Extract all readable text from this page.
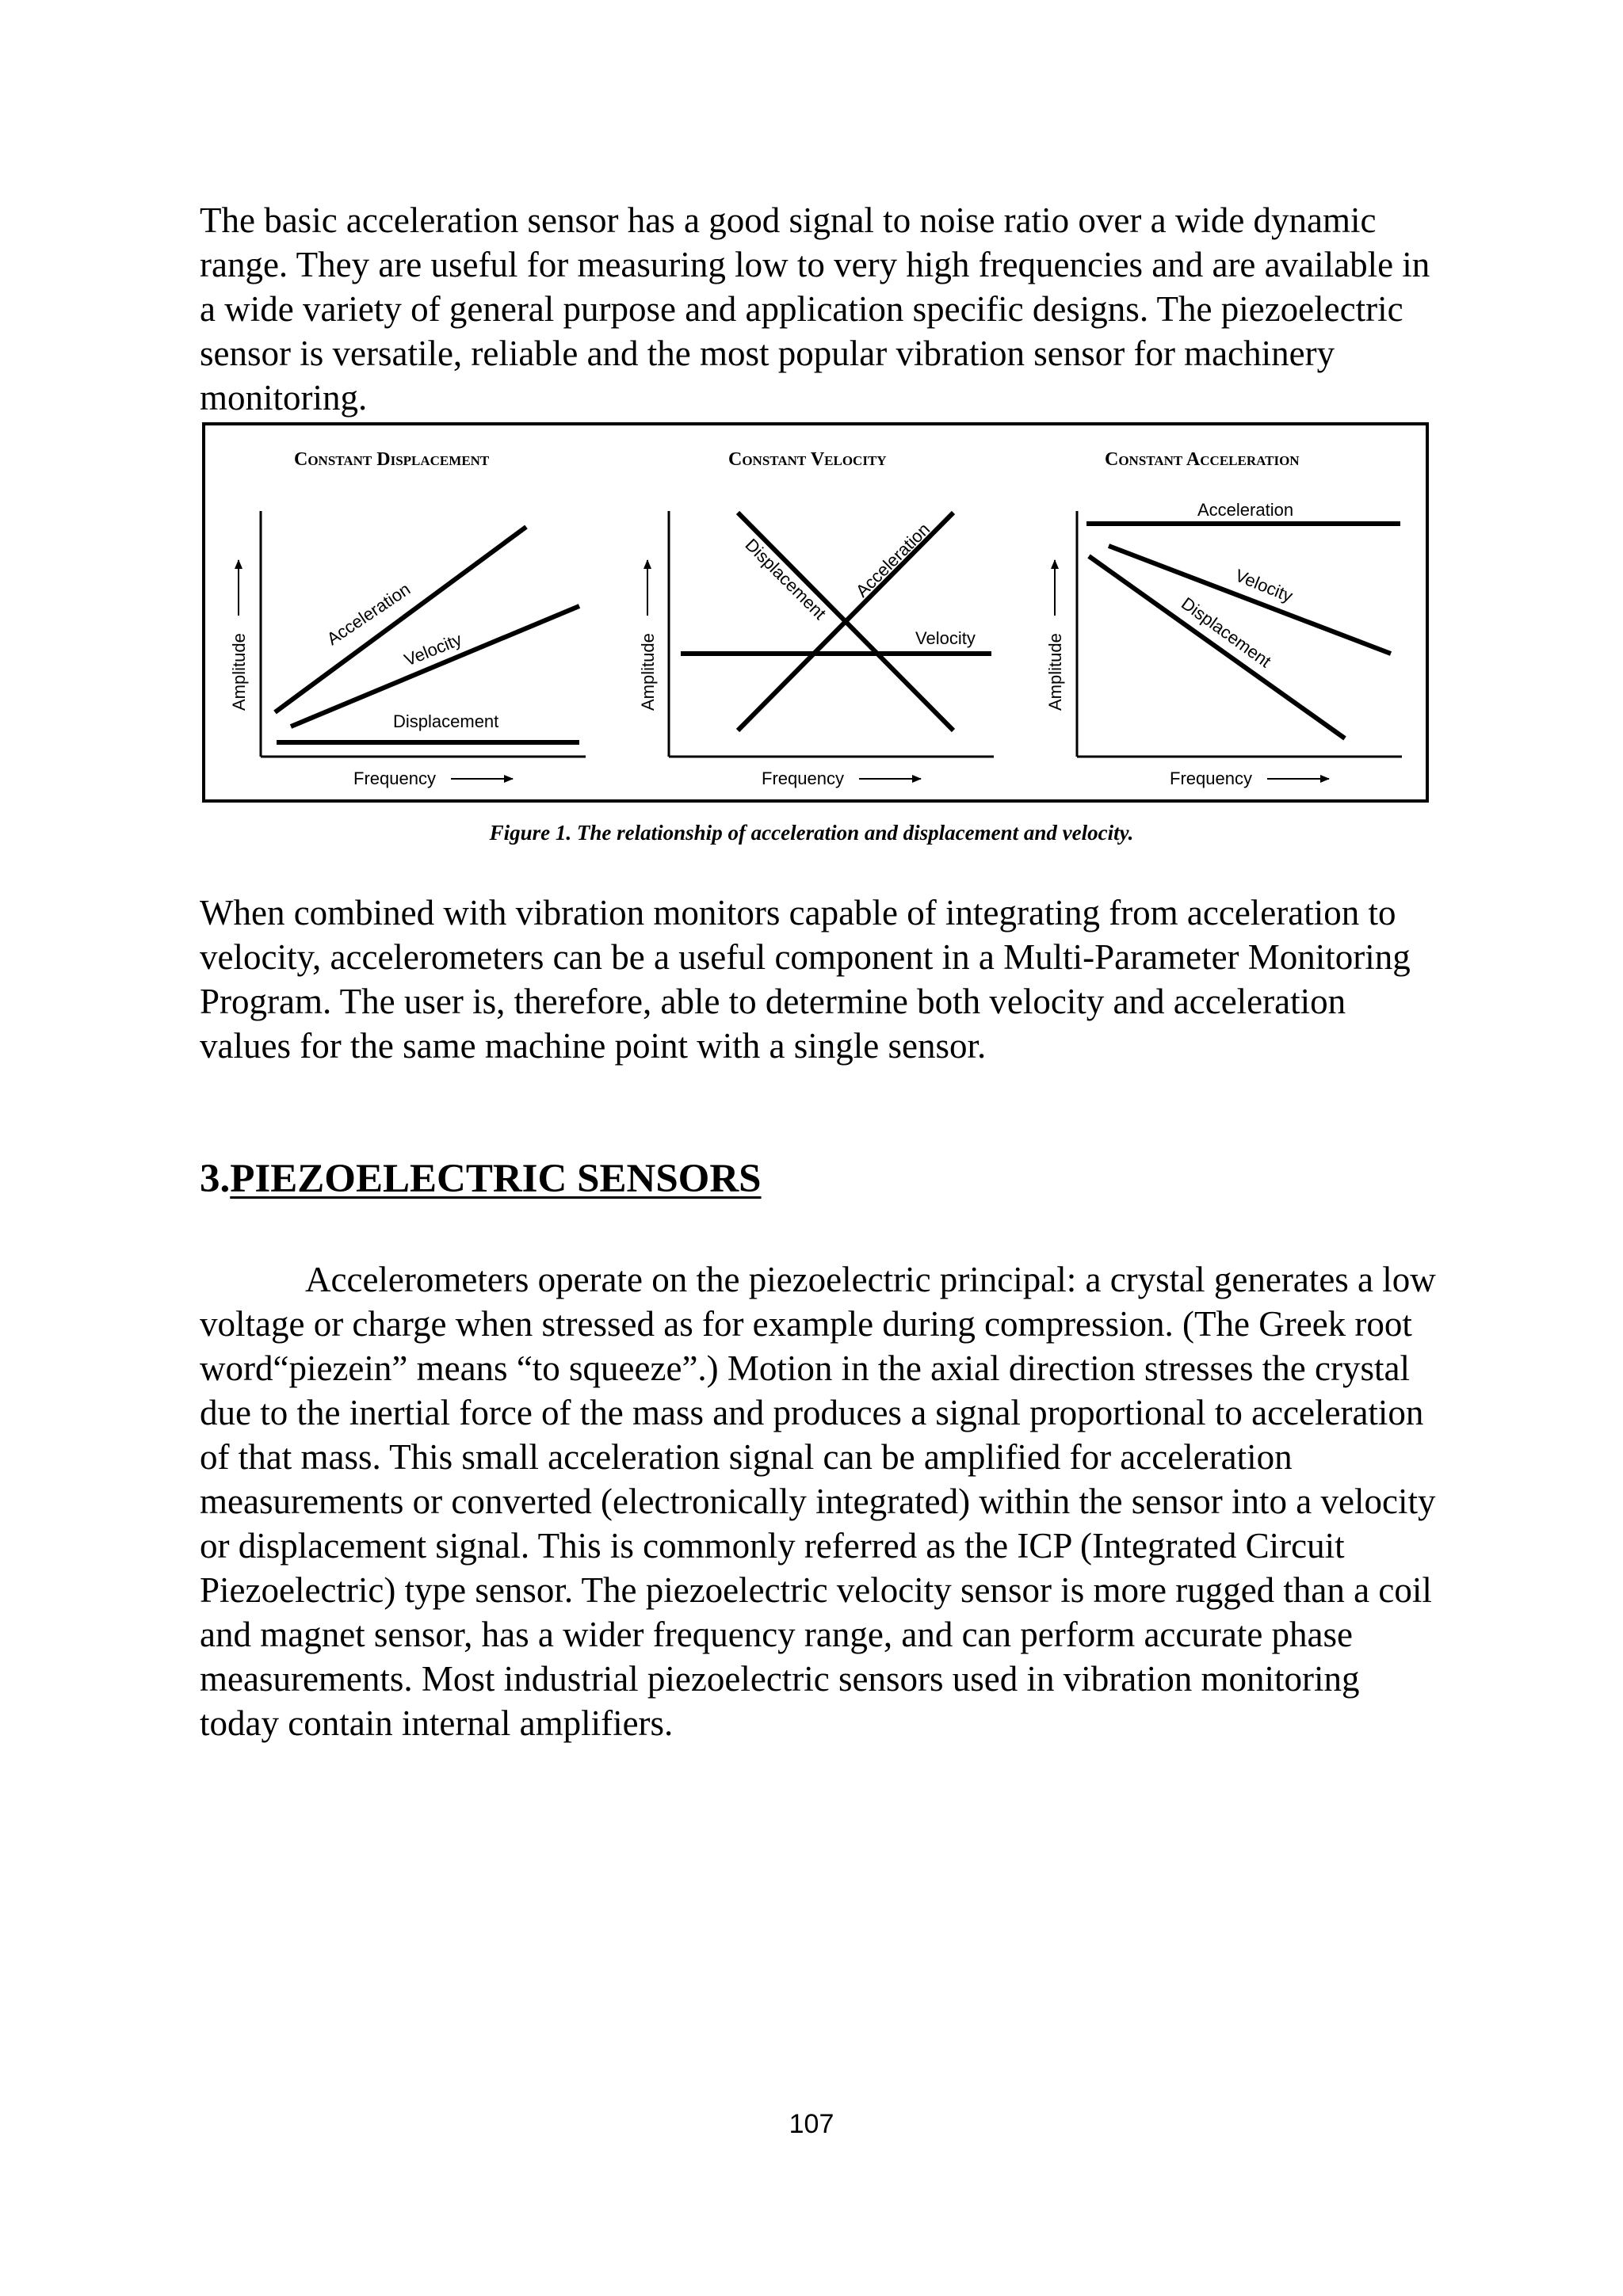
The basic acceleration sensor has a good signal to noise ratio over a wide dynamic range. They are useful for measuring low to very high frequencies and are available in a wide variety of general purpose and application specific designs. The piezoelectric sensor is versatile, reliable and the most popular vibration sensor for machinery monitoring.

Constant Displacement
Acceleration
Velocity
Displacement
Amplitude
Frequency
Constant Velocity
Displacement Acceleration
Velocity
Amplitude
Frequency
Constant Acceleration
Acceleration
Velocity
Displacement
Amplitude
Frequency
Figure 1. The relationship of acceleration and displacement and velocity.

When combined with vibration monitors capable of integrating from acceleration to velocity, accelerometers can be a useful component in a Multi-Parameter Monitoring Program. The user is, therefore, able to determine both velocity and acceleration values for the same machine point with a single sensor.

3.PIEZOELECTRIC SENSORS

Accelerometers operate on the piezoelectric principal: a crystal generates a low voltage or charge when stressed as for example during compression. (The Greek root word“piezein” means “to squeeze”.) Motion in the axial direction stresses the crystal due to the inertial force of the mass and produces a signal proportional to acceleration of that mass. This small acceleration signal can be amplified for acceleration measurements or converted (electronically integrated) within the sensor into a velocity or displacement signal. This is commonly referred as the ICP (Integrated Circuit Piezoelectric) type sensor. The piezoelectric velocity sensor is more rugged than a coil and magnet sensor, has a wider frequency range, and can perform accurate phase measurements. Most industrial piezoelectric sensors used in vibration monitoring today contain internal amplifiers.

107
